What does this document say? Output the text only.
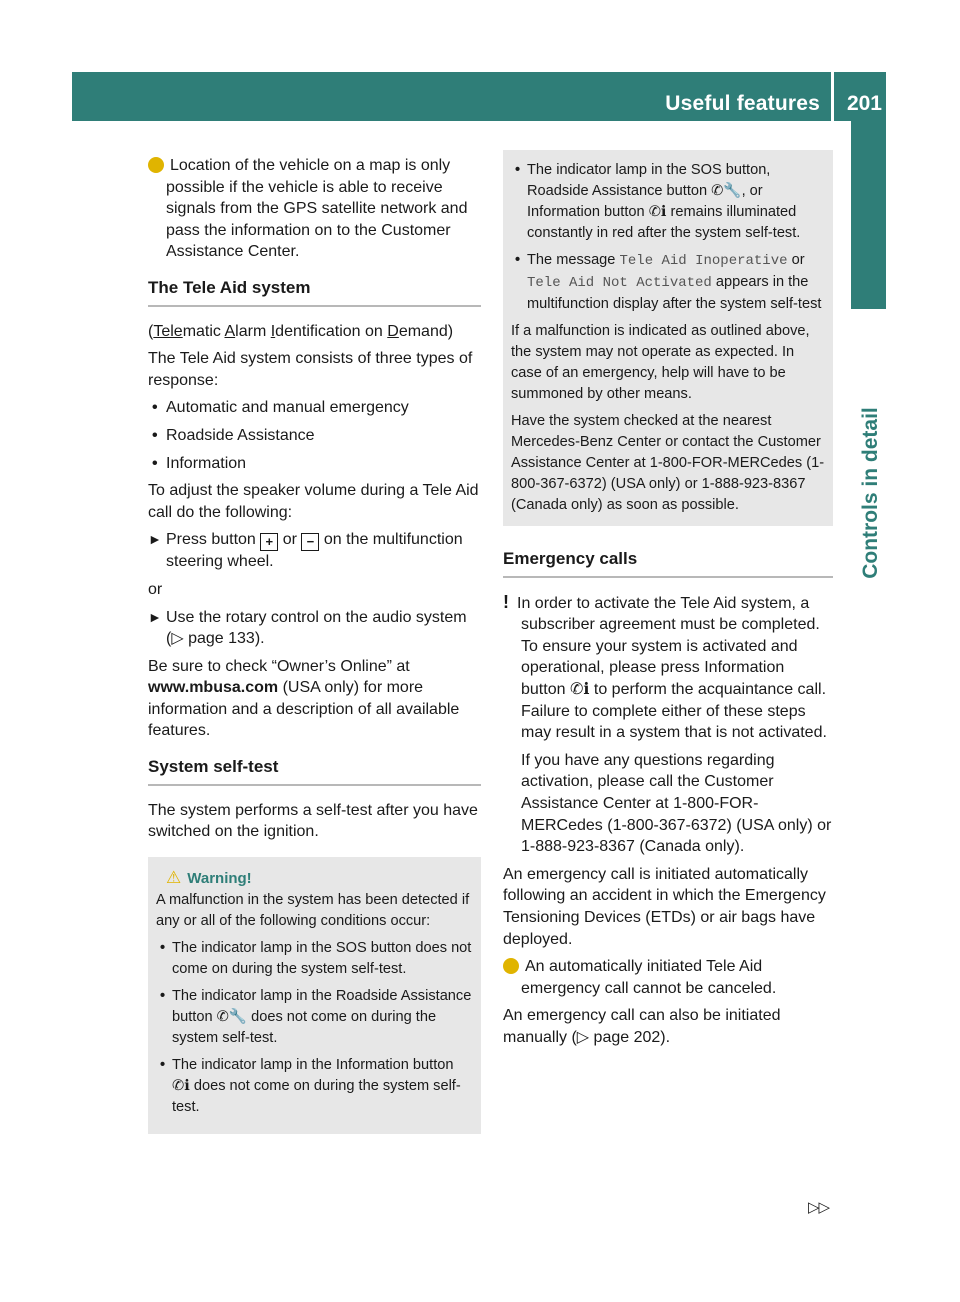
Useful features 201
Controls in detail

i Location of the vehicle on a map is only possible if the vehicle is able to receive signals from the GPS satellite network and pass the information on to the Customer Assistance Center.

The Tele Aid system

(Telematic Alarm Identification on Demand)

The Tele Aid system consists of three types of response:

• Automatic and manual emergency
• Roadside Assistance
• Information

To adjust the speaker volume during a Tele Aid call do the following:

► Press button + or − on the multifunction steering wheel.

or

► Use the rotary control on the audio system (▷ page 133).

Be sure to check “Owner’s Online” at www.mbusa.com (USA only) for more information and a description of all available features.

System self-test

The system performs a self-test after you have switched on the ignition.

⚠ Warning!

A malfunction in the system has been detected if any or all of the following conditions occur:

• The indicator lamp in the SOS button does not come on during the system self-test.
• The indicator lamp in the Roadside Assistance button ✆🔧 does not come on during the system self-test.
• The indicator lamp in the Information button ✆ℹ does not come on during the system self-test.
• The indicator lamp in the SOS button, Roadside Assistance button ✆🔧, or Information button ✆ℹ remains illuminated constantly in red after the system self-test.
• The message Tele Aid Inoperative or Tele Aid Not Activated appears in the multifunction display after the system self-test

If a malfunction is indicated as outlined above, the system may not operate as expected. In case of an emergency, help will have to be summoned by other means.

Have the system checked at the nearest Mercedes-Benz Center or contact the Customer Assistance Center at 1-800-FOR-MERCedes (1-800-367-6372) (USA only) or 1-888-923-8367 (Canada only) as soon as possible.

Emergency calls

! In order to activate the Tele Aid system, a subscriber agreement must be completed. To ensure your system is activated and operational, please press Information button ✆ℹ to perform the acquaintance call. Failure to complete either of these steps may result in a system that is not activated.

If you have any questions regarding activation, please call the Customer Assistance Center at 1-800-FOR-MERCedes (1-800-367-6372) (USA only) or 1-888-923-8367 (Canada only).

An emergency call is initiated automatically following an accident in which the Emergency Tensioning Devices (ETDs) or air bags have deployed.

i An automatically initiated Tele Aid emergency call cannot be canceled.

An emergency call can also be initiated manually (▷ page 202).

▷▷
